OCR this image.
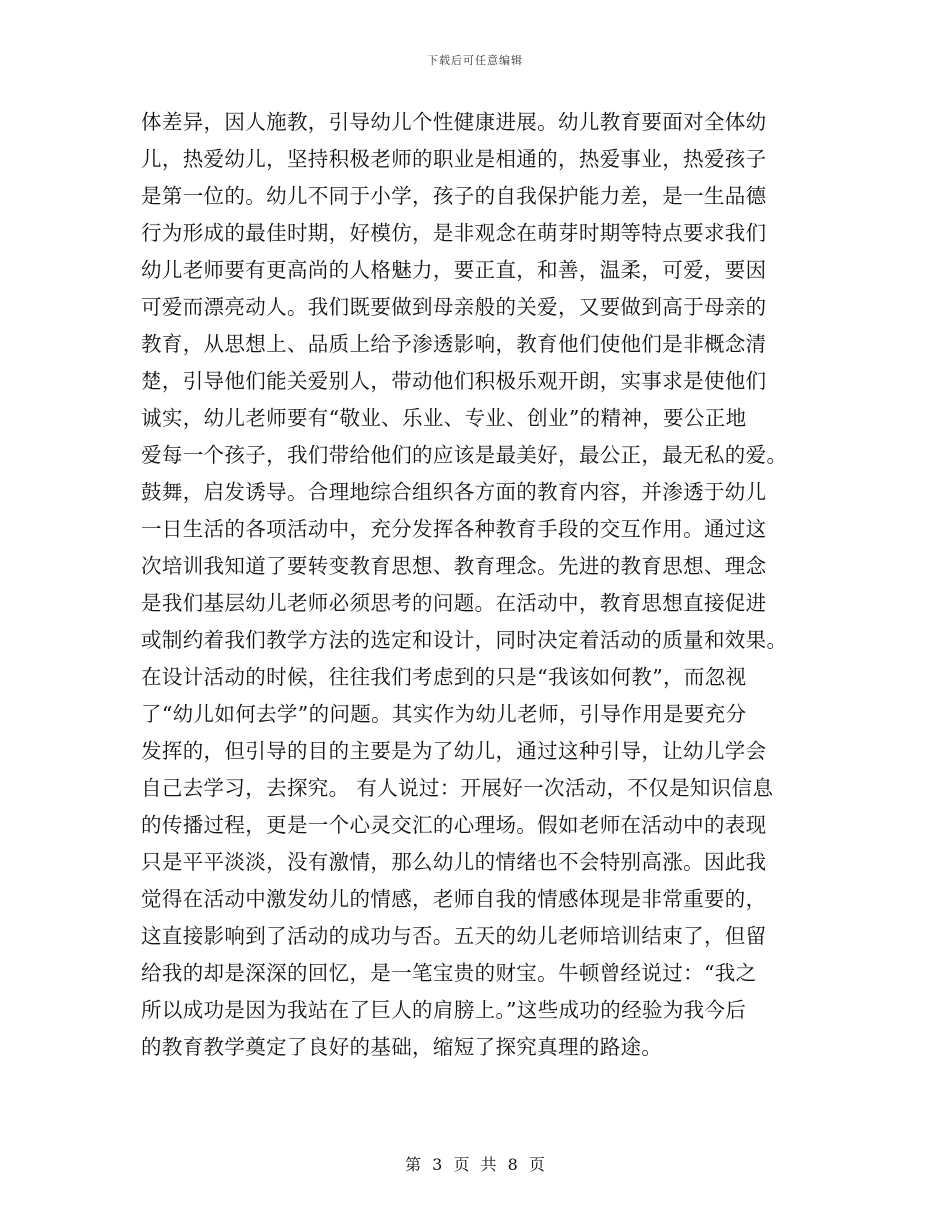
下载后可任意编辑
体差异，因人施教，引导幼儿个性健康进展。幼儿教育要面对全体幼
儿，热爱幼儿，坚持积极老师的职业是相通的，热爱事业，热爱孩子
是第一位的。幼儿不同于小学，孩子的自我保护能力差，是一生品德
行为形成的最佳时期，好模仿，是非观念在萌芽时期等特点要求我们
幼儿老师要有更高尚的人格魅力，要正直，和善，温柔，可爱，要因
可爱而漂亮动人。我们既要做到母亲般的关爱，又要做到高于母亲的
教育，从思想上、品质上给予渗透影响，教育他们使他们是非概念清
楚，引导他们能关爱别人，带动他们积极乐观开朗，实事求是使他们
诚实，幼儿老师要有“敬业、乐业、专业、创业”的精神，要公正地
爱每一个孩子，我们带给他们的应该是最美好，最公正，最无私的爱。
鼓舞，启发诱导。合理地综合组织各方面的教育内容，并渗透于幼儿
一日生活的各项活动中，充分发挥各种教育手段的交互作用。通过这
次培训我知道了要转变教育思想、教育理念。先进的教育思想、理念
是我们基层幼儿老师必须思考的问题。在活动中，教育思想直接促进
或制约着我们教学方法的选定和设计，同时决定着活动的质量和效果。
在设计活动的时候，往往我们考虑到的只是“我该如何教”，而忽视
了“幼儿如何去学”的问题。其实作为幼儿老师，引导作用是要充分
发挥的，但引导的目的主要是为了幼儿，通过这种引导，让幼儿学会
自己去学习，去探究。 有人说过：开展好一次活动，不仅是知识信息
的传播过程，更是一个心灵交汇的心理场。假如老师在活动中的表现
只是平平淡淡，没有激情，那么幼儿的情绪也不会特别高涨。因此我
觉得在活动中激发幼儿的情感，老师自我的情感体现是非常重要的，
这直接影响到了活动的成功与否。五天的幼儿老师培训结束了，但留
给我的却是深深的回忆，是一笔宝贵的财宝。牛顿曾经说过：“我之
所以成功是因为我站在了巨人的肩膀上。”这些成功的经验为我今后
的教育教学奠定了良好的基础，缩短了探究真理的路途。
第 3 页 共 8 页
